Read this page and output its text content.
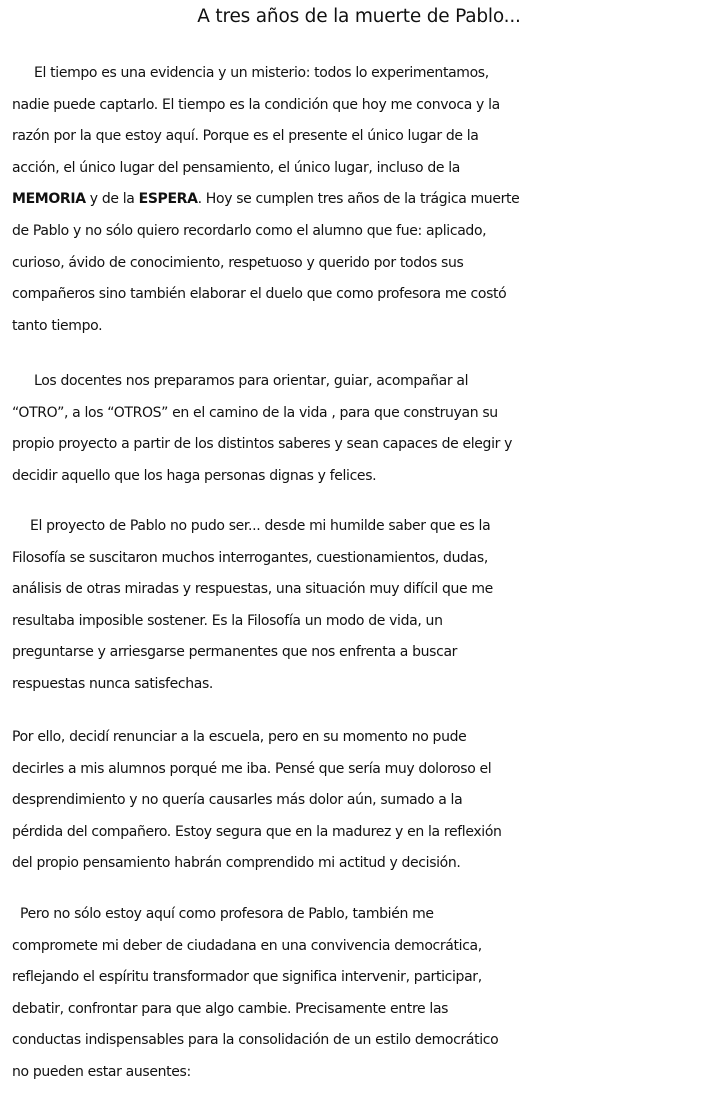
A tres años de la muerte de Pablo...
El tiempo es una evidencia y un misterio: todos lo experimentamos,
nadie puede captarlo. El tiempo es la condición que hoy me convoca y la
razón por la que estoy aquí. Porque es el presente el único lugar de la
acción, el único lugar del pensamiento, el único lugar, incluso de la
MEMORIA y de la ESPERA. Hoy se cumplen tres años de la trágica muerte
de Pablo y no sólo quiero recordarlo como el alumno que fue: aplicado,
curioso, ávido de conocimiento, respetuoso y querido por todos sus
compañeros sino también elaborar el duelo que como profesora me costó
tanto tiempo.
Los docentes nos preparamos para orientar, guiar, acompañar al
“OTRO”, a los “OTROS” en el camino de la vida , para que construyan su
propio proyecto a partir de los distintos saberes y sean capaces de elegir y
decidir aquello que los haga personas dignas y felices.
El proyecto de Pablo no pudo ser... desde mi humilde saber que es la
Filosofía se suscitaron muchos interrogantes, cuestionamientos, dudas,
análisis de otras miradas y respuestas, una situación muy difícil que me
resultaba imposible sostener. Es la Filosofía un modo de vida, un
preguntarse y arriesgarse permanentes que nos enfrenta a buscar
respuestas nunca satisfechas.
Por ello, decidí renunciar a la escuela, pero en su momento no pude
decirles a mis alumnos porqué me iba. Pensé que sería muy doloroso el
desprendimiento y no quería causarles más dolor aún, sumado a la
pérdida del compañero. Estoy segura que en la madurez y en la reflexión
del propio pensamiento habrán comprendido mi actitud y decisión.
Pero no sólo estoy aquí como profesora de Pablo, también me
compromete mi deber de ciudadana en una convivencia democrática,
reflejando el espíritu transformador que significa intervenir, participar,
debatir, confrontar para que algo cambie. Precisamente entre las
conductas indispensables para la consolidación de un estilo democrático
no pueden estar ausentes:
